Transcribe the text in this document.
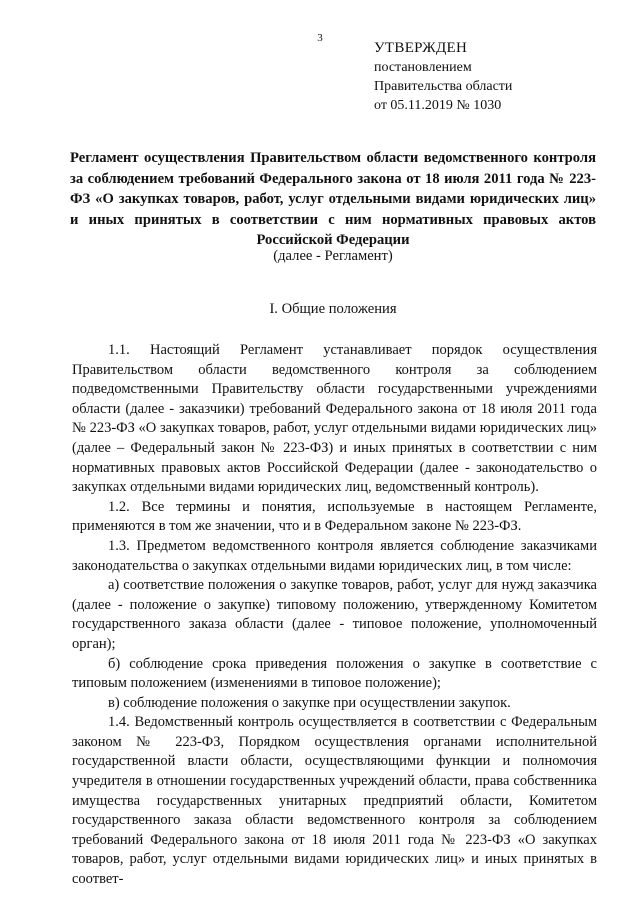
3
УТВЕРЖДЕН
постановлением
Правительства области
от 05.11.2019 № 1030
Регламент осуществления Правительством области ведомственного контроля за соблюдением требований Федерального закона от 18 июля 2011 года № 223-ФЗ «О закупках товаров, работ, услуг отдельными видами юридических лиц» и иных принятых в соответствии с ним нормативных правовых актов Российской Федерации
(далее - Регламент)
I. Общие положения

1.1. Настоящий Регламент устанавливает порядок осуществления Правительством области ведомственного контроля за соблюдением подведомственными Правительству области государственными учреждениями области (далее - заказчики) требований Федерального закона от 18 июля 2011 года № 223-ФЗ «О закупках товаров, работ, услуг отдельными видами юридических лиц» (далее – Федеральный закон № 223-ФЗ) и иных принятых в соответствии с ним нормативных правовых актов Российской Федерации (далее - законодательство о закупках отдельными видами юридических лиц, ведомственный контроль).

1.2. Все термины и понятия, используемые в настоящем Регламенте, применяются в том же значении, что и в Федеральном законе № 223-ФЗ.

1.3. Предметом ведомственного контроля является соблюдение заказчиками законодательства о закупках отдельными видами юридических лиц, в том числе:

а) соответствие положения о закупке товаров, работ, услуг для нужд заказчика (далее - положение о закупке) типовому положению, утвержденному Комитетом государственного заказа области (далее - типовое положение, уполномоченный орган);

б) соблюдение срока приведения положения о закупке в соответствие с типовым положением (изменениями в типовое положение);

в) соблюдение положения о закупке при осуществлении закупок.

1.4. Ведомственный контроль осуществляется в соответствии с Федеральным законом № 223-ФЗ, Порядком осуществления органами исполнительной государственной власти области, осуществляющими функции и полномочия учредителя в отношении государственных учреждений области, права собственника имущества государственных унитарных предприятий области, Комитетом государственного заказа области ведомственного контроля за соблюдением требований Федерального закона от 18 июля 2011 года № 223-ФЗ «О закупках товаров, работ, услуг отдельными видами юридических лиц» и иных принятых в соответ-
